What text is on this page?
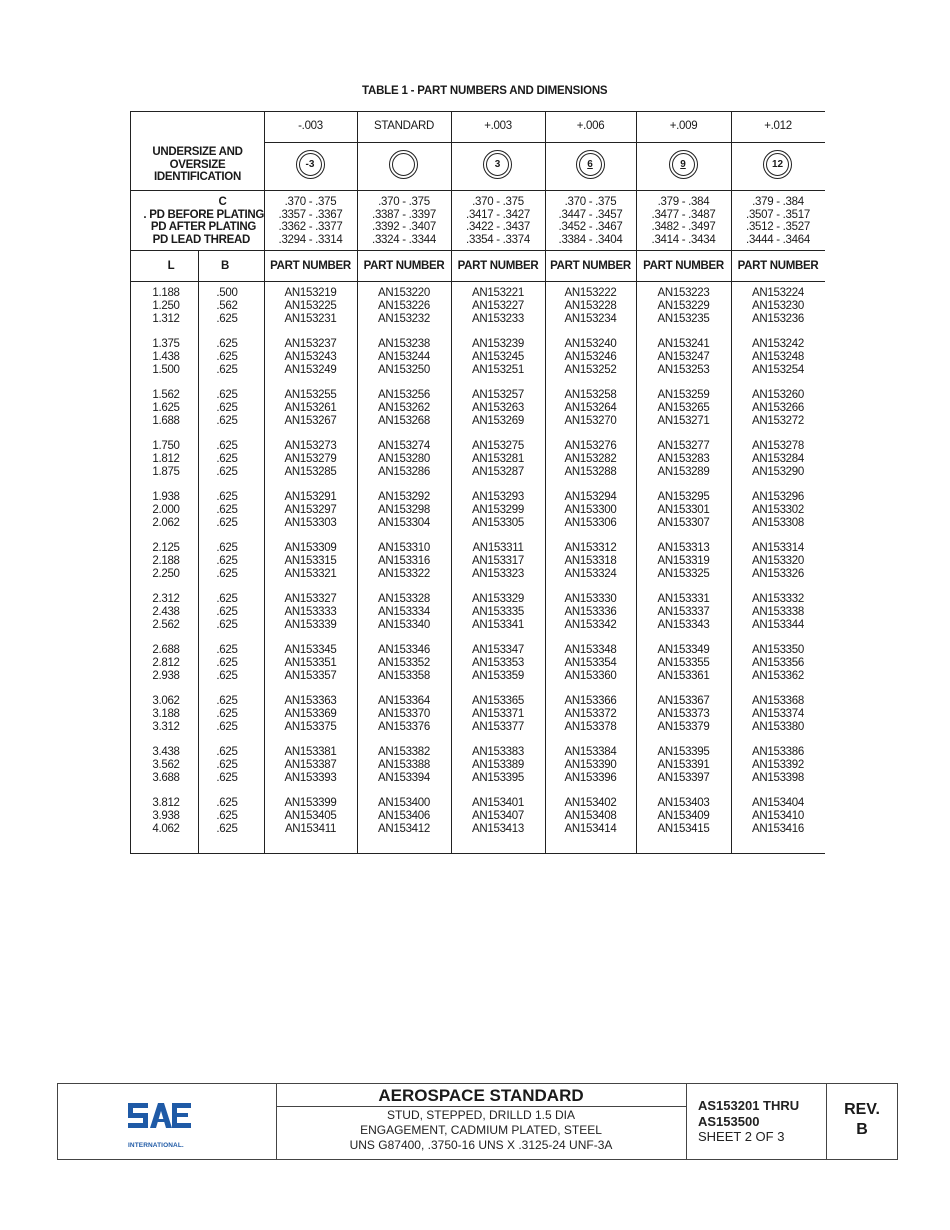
TABLE 1 - PART NUMBERS AND DIMENSIONS
UNDERSIZE AND
OVERSIZE
IDENTIFICATION
C
. PD BEFORE PLATING
PD AFTER PLATING
PD LEAD THREAD
L	B
-.003
-3
.370 - .375
.3357 - .3367
.3362 - .3377
.3294 - .3314
PART NUMBER
STANDARD
.370 - .375
.3387 - .3397
.3392 - .3407
.3324 - .3344
PART NUMBER
+.003
3
.370 - .375
.3417 - .3427
.3422 - .3437
.3354 - .3374
PART NUMBER
+.006
6
.370 - .375
.3447 - .3457
.3452 - .3467
.3384 - .3404
PART NUMBER
+.009
9
.379 - .384
.3477 - .3487
.3482 - .3497
.3414 - .3434
PART NUMBER
+.012
12
.379 - .384
.3507 - .3517
.3512 - .3527
.3444 - .3464
PART NUMBER
1.188
1.250
1.312
1.375
1.438
1.500
1.562
1.625
1.688
1.750
1.812
1.875
1.938
2.000
2.062
2.125
2.188
2.250
2.312
2.438
2.562
2.688
2.812
2.938
3.062
3.188
3.312
3.438
3.562
3.688
3.812
3.938
4.062
.500
.562
.625
.625
.625
.625
.625
.625
.625
.625
.625
.625
.625
.625
.625
.625
.625
.625
.625
.625
.625
.625
.625
.625
.625
.625
.625
.625
.625
.625
.625
.625
.625
AN153219
AN153225
AN153231
AN153237
AN153243
AN153249
AN153255
AN153261
AN153267
AN153273
AN153279
AN153285
AN153291
AN153297
AN153303
AN153309
AN153315
AN153321
AN153327
AN153333
AN153339
AN153345
AN153351
AN153357
AN153363
AN153369
AN153375
AN153381
AN153387
AN153393
AN153399
AN153405
AN153411
AN153220
AN153226
AN153232
AN153238
AN153244
AN153250
AN153256
AN153262
AN153268
AN153274
AN153280
AN153286
AN153292
AN153298
AN153304
AN153310
AN153316
AN153322
AN153328
AN153334
AN153340
AN153346
AN153352
AN153358
AN153364
AN153370
AN153376
AN153382
AN153388
AN153394
AN153400
AN153406
AN153412
AN153221
AN153227
AN153233
AN153239
AN153245
AN153251
AN153257
AN153263
AN153269
AN153275
AN153281
AN153287
AN153293
AN153299
AN153305
AN153311
AN153317
AN153323
AN153329
AN153335
AN153341
AN153347
AN153353
AN153359
AN153365
AN153371
AN153377
AN153383
AN153389
AN153395
AN153401
AN153407
AN153413
AN153222
AN153228
AN153234
AN153240
AN153246
AN153252
AN153258
AN153264
AN153270
AN153276
AN153282
AN153288
AN153294
AN153300
AN153306
AN153312
AN153318
AN153324
AN153330
AN153336
AN153342
AN153348
AN153354
AN153360
AN153366
AN153372
AN153378
AN153384
AN153390
AN153396
AN153402
AN153408
AN153414
AN153223
AN153229
AN153235
AN153241
AN153247
AN153253
AN153259
AN153265
AN153271
AN153277
AN153283
AN153289
AN153295
AN153301
AN153307
AN153313
AN153319
AN153325
AN153331
AN153337
AN153343
AN153349
AN153355
AN153361
AN153367
AN153373
AN153379
AN153395
AN153391
AN153397
AN153403
AN153409
AN153415
AN153224
AN153230
AN153236
AN153242
AN153248
AN153254
AN153260
AN153266
AN153272
AN153278
AN153284
AN153290
AN153296
AN153302
AN153308
AN153314
AN153320
AN153326
AN153332
AN153338
AN153344
AN153350
AN153356
AN153362
AN153368
AN153374
AN153380
AN153386
AN153392
AN153398
AN153404
AN153410
AN153416
INTERNATIONAL.
AEROSPACE STANDARD
STUD, STEPPED, DRILLD 1.5 DIA
ENGAGEMENT, CADMIUM PLATED, STEEL
UNS G87400, .3750-16 UNS X .3125-24 UNF-3A
AS153201 THRU
AS153500
SHEET 2 OF 3
REV.
B
